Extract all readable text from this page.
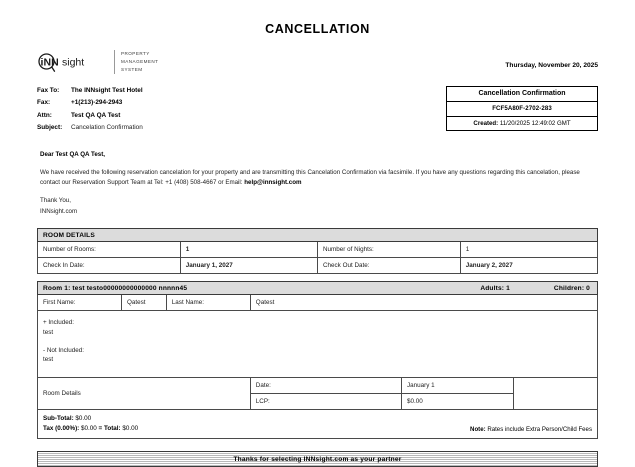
CANCELLATION
i NN sight
PROPERTY
MANAGEMENT
SYSTEM
Thursday, November 20, 2025
Fax To:	The INNsight Test Hotel
Fax:	+1(213)-294-2943
Attn:	Test QA QA Test
Subject:	Cancelation Confirmation
Cancellation Confirmation
FCF5A80F-2702-283
Created: 11/20/2025 12:49:02 GMT
Dear Test QA QA Test,
We have received the following reservation cancelation for your property and are transmitting this Cancelation Confirmation via facsimile. If you have any questions regarding this cancelation, please contact our Reservation Support Team at Tel: +1 (408) 508-4667 or Email: help@innsight.com
Thank You,
INNsight.com
ROOM DETAILS			
Number of Rooms:	1	Number of Nights:	1
Check In Date:	January 1, 2027	Check Out Date:	January 2, 2027
Room 1: test testo00000000000000 nnnnn45 Adults: 1 Children: 0					

First Name:	Qatest	Last Name:	Qatest		

+ Included:
test
- Not Included:
test					

Room Details			Date:	January 1	
			LCP:	$0.00	
Sub-Total: $0.00
Tax (0.00%): $0.00 = Total: $0.00	Note: Rates include Extra Person/Child Fees
Thanks for selecting INNsight.com as your partner
